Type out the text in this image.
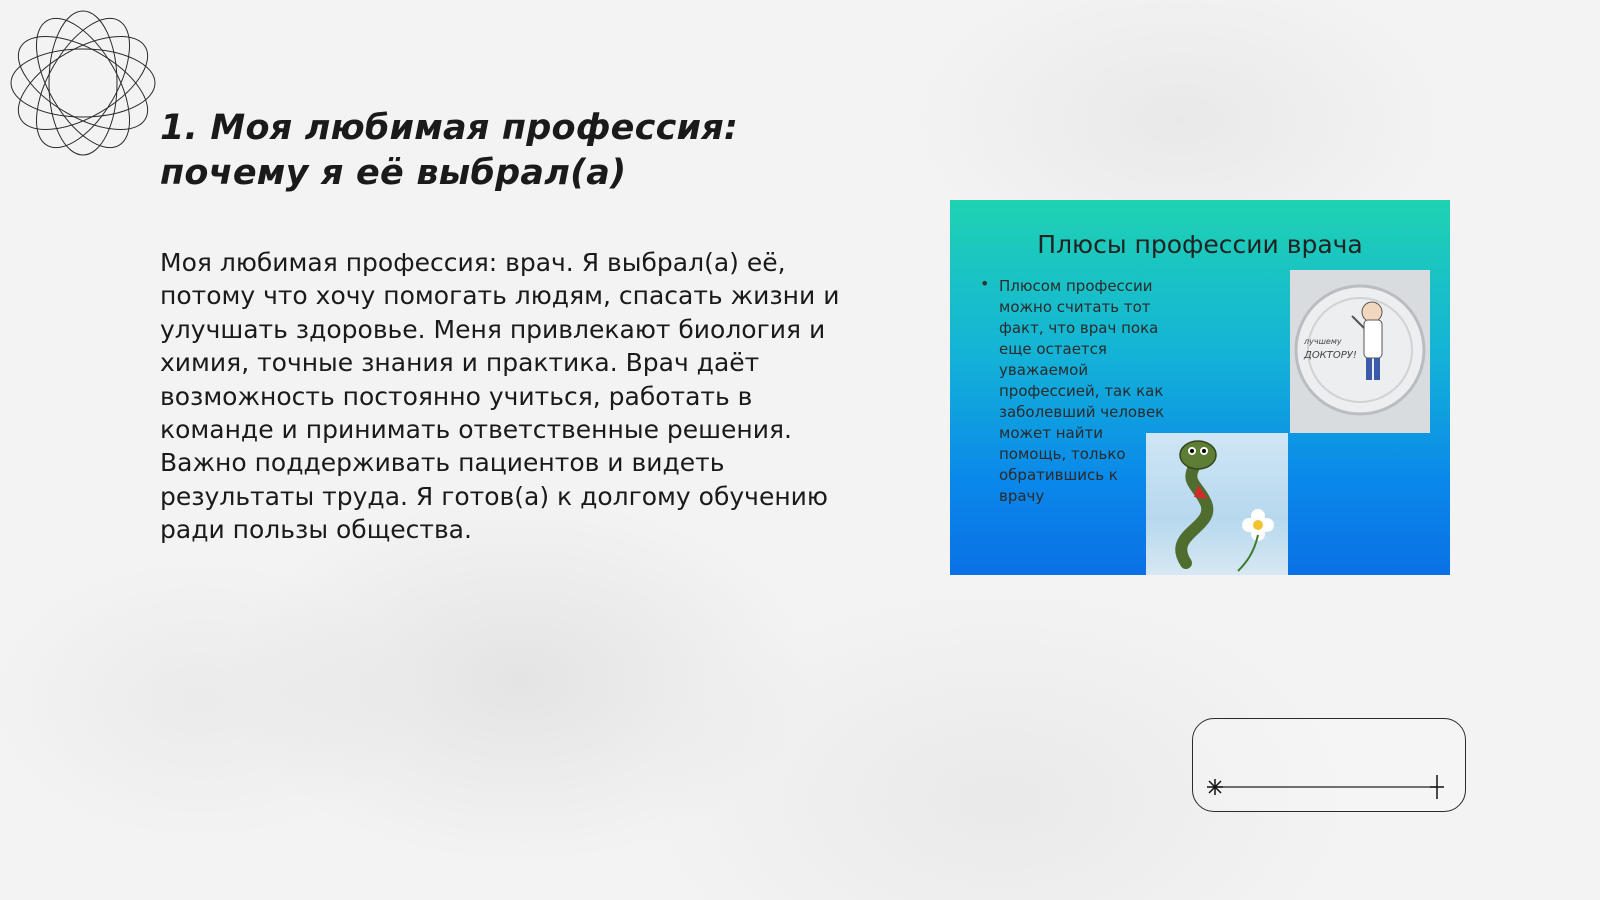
1. Моя любимая профессия: почему я её выбрал(а)

Моя любимая профессия: врач. Я выбрал(а) её, потому что хочу помогать людям, спасать жизни и улучшать здоровье. Меня привлекают биология и химия, точные знания и практика. Врач даёт возможность постоянно учиться, работать в команде и принимать ответственные решения. Важно поддерживать пациентов и видеть результаты труда. Я готов(а) к долгому обучению ради пользы общества.

Плюсы профессии врача
• Плюсом профессии
можно считать тот
факт, что врач пока
еще остается
уважаемой
профессией, так как
заболевший человек
может найти
помощь, только
обратившись к
врачу
лучшему
ДОКТОРУ!
